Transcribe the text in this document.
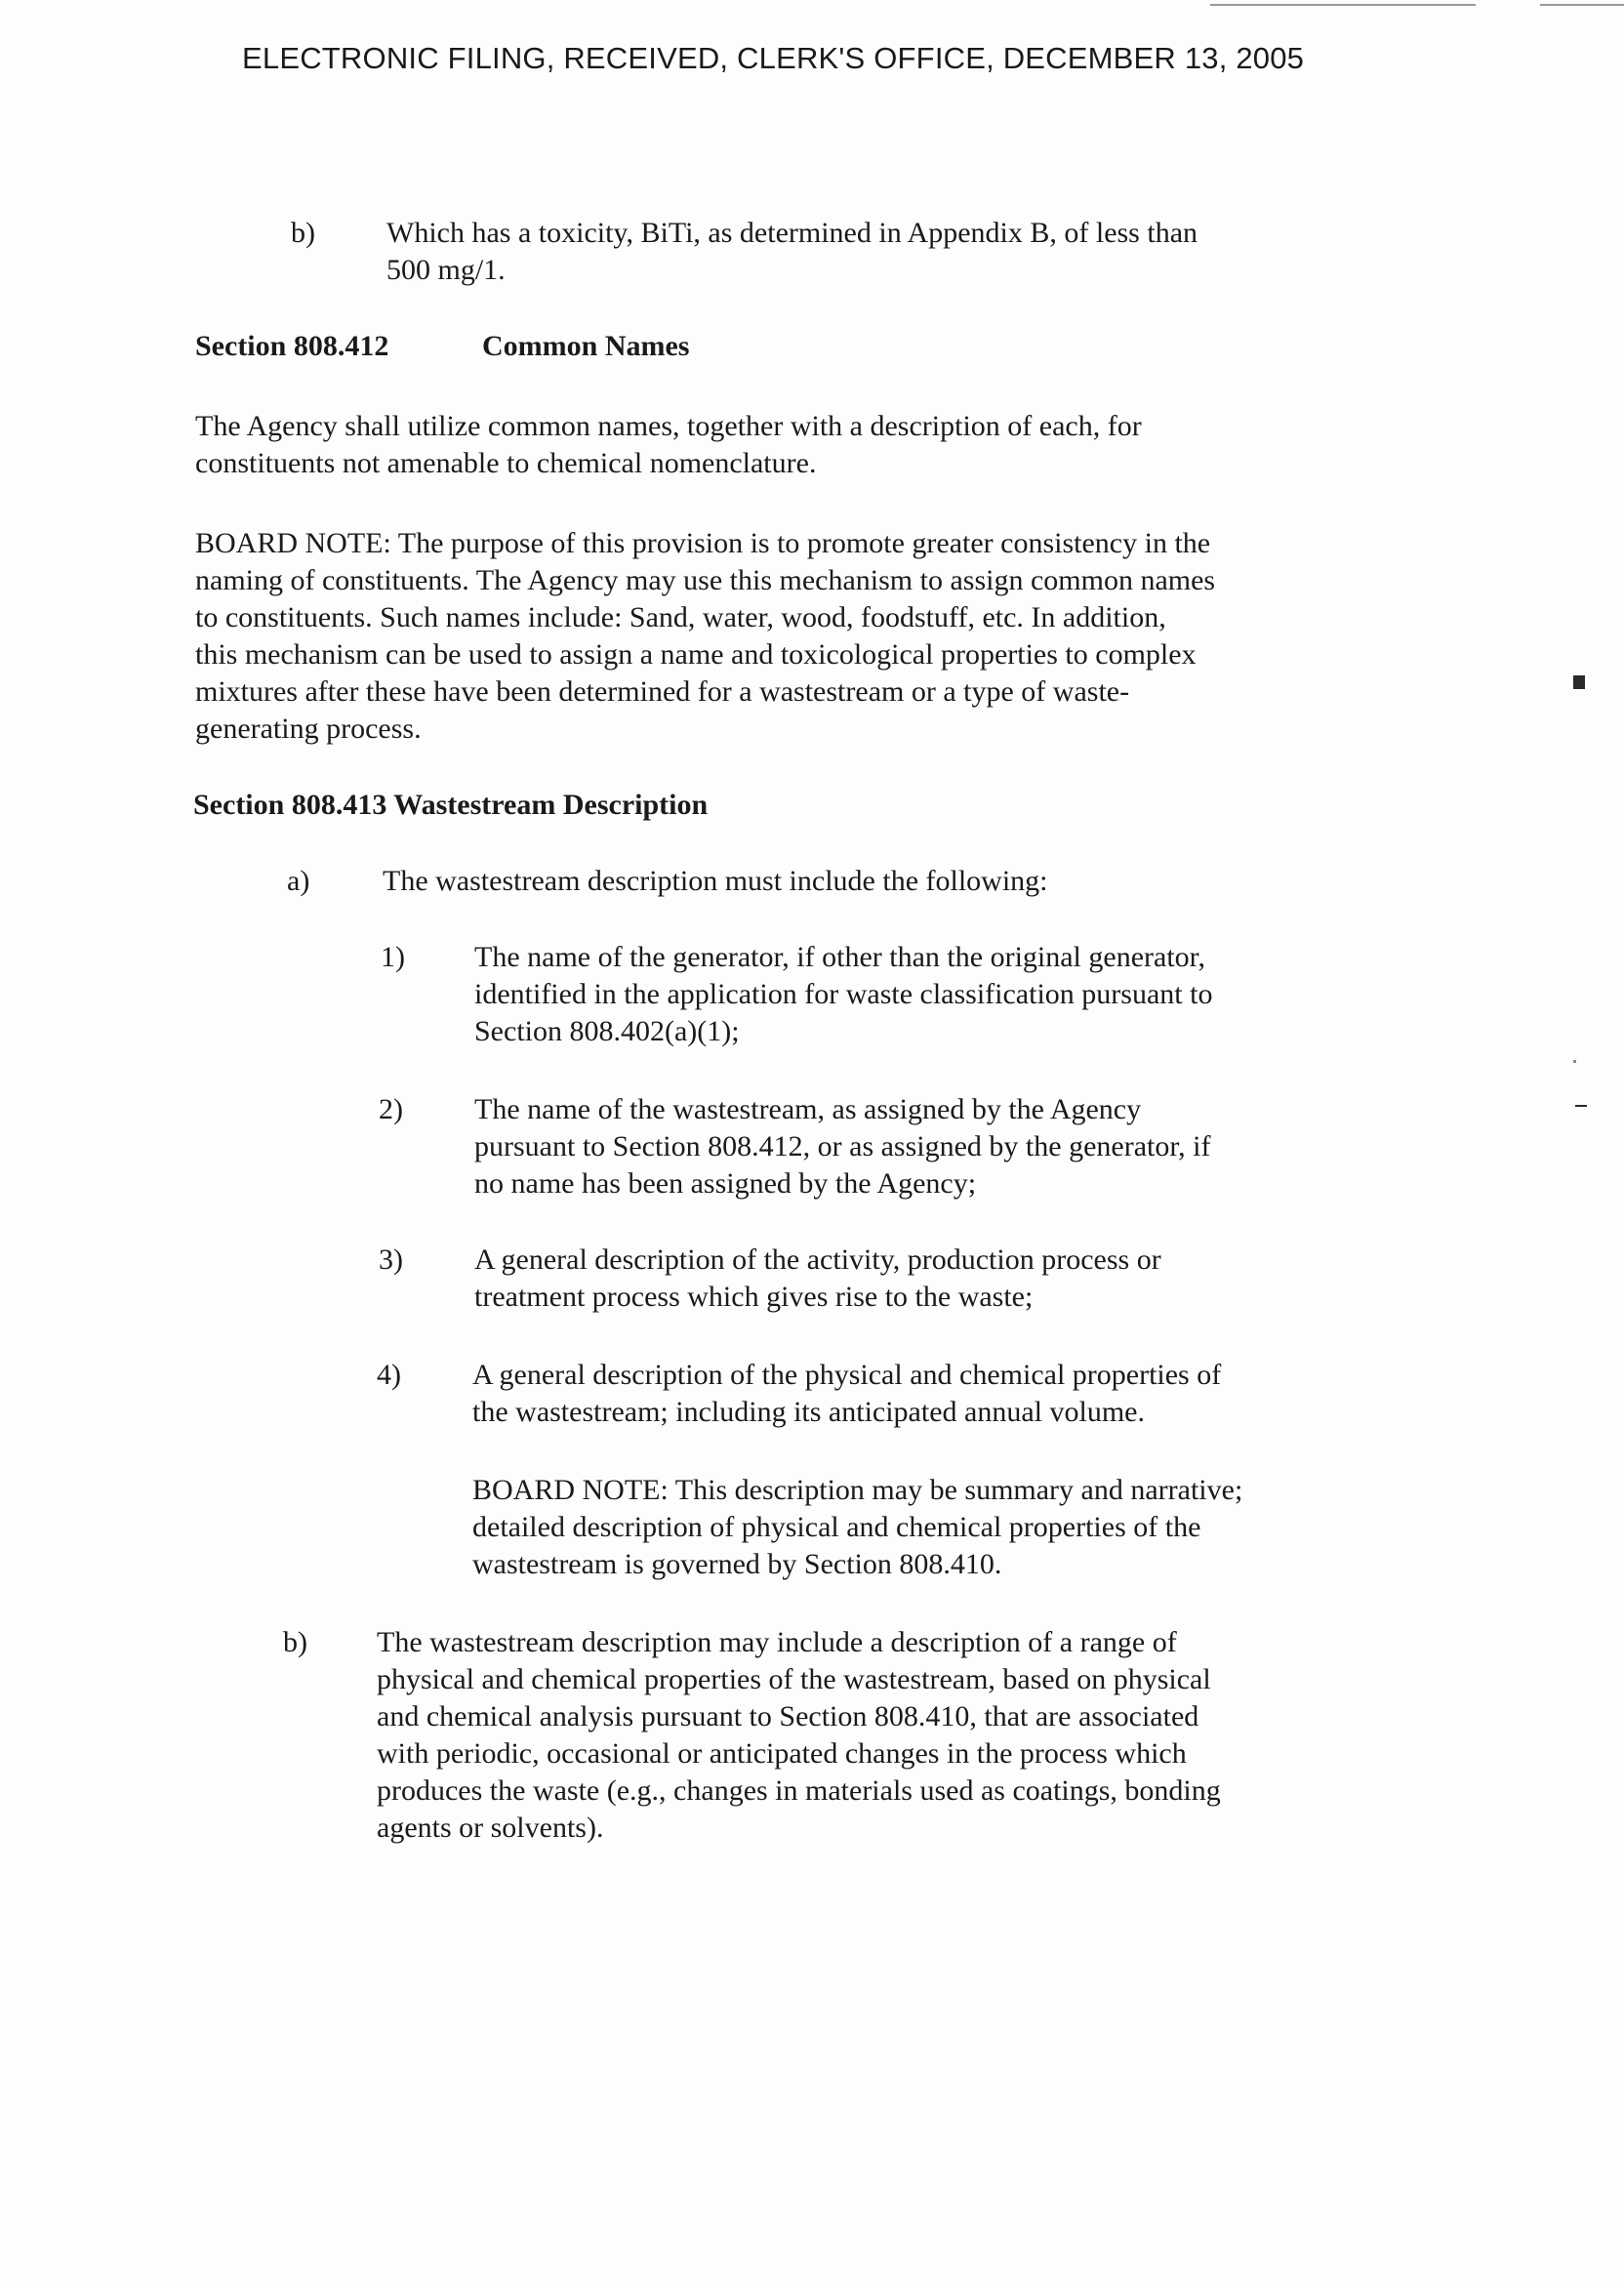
ELECTRONIC FILING, RECEIVED, CLERK'S OFFICE, DECEMBER 13, 2005
b) Which has a toxicity, BiTi, as determined in Appendix B, of less than
500 mg/1.
Section 808.412	Common Names
The Agency shall utilize common names, together with a description of each, for
constituents not amenable to chemical nomenclature.
BOARD NOTE: The purpose of this provision is to promote greater consistency in the
naming of constituents. The Agency may use this mechanism to assign common names
to constituents. Such names include: Sand, water, wood, foodstuff, etc. In addition,
this mechanism can be used to assign a name and toxicological properties to complex
mixtures after these have been determined for a wastestream or a type of waste-
generating process.
Section 808.413 Wastestream Description
a) The wastestream description must include the following:
1) The name of the generator, if other than the original generator,
identified in the application for waste classification pursuant to
Section 808.402(a)(1);
2) The name of the wastestream, as assigned by the Agency
pursuant to Section 808.412, or as assigned by the generator, if
no name has been assigned by the Agency;
3) A general description of the activity, production process or
treatment process which gives rise to the waste;
4) A general description of the physical and chemical properties of
the wastestream; including its anticipated annual volume.
BOARD NOTE: This description may be summary and narrative;
detailed description of physical and chemical properties of the
wastestream is governed by Section 808.410.
b) The wastestream description may include a description of a range of
physical and chemical properties of the wastestream, based on physical
and chemical analysis pursuant to Section 808.410, that are associated
with periodic, occasional or anticipated changes in the process which
produces the waste (e.g., changes in materials used as coatings, bonding
agents or solvents).
